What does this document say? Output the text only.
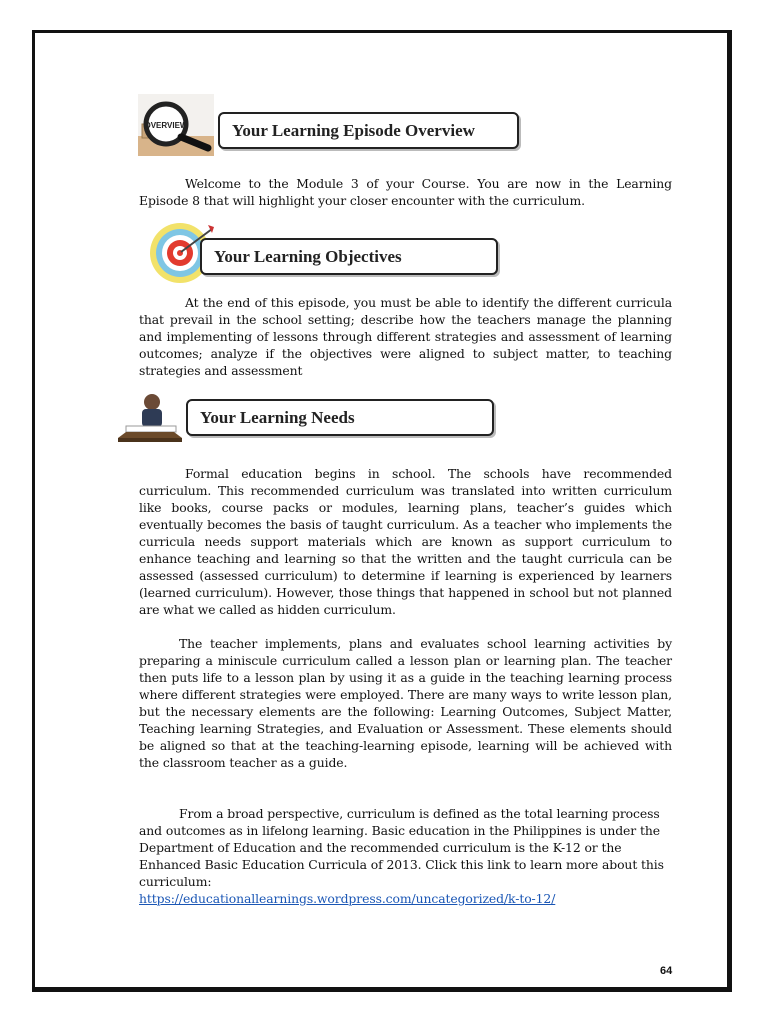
OVERVIEW	Your Learning Episode Overview

Welcome to the Module 3 of your Course. You are now in the Learning Episode 8 that will highlight your closer encounter with the curriculum.

Your Learning Objectives

At the end of this episode, you must be able to identify the different curricula that prevail in the school setting; describe how the teachers manage the planning and implementing of lessons through different strategies and assessment of learning outcomes; analyze if the objectives were aligned to subject matter, to teaching strategies and assessment

Your Learning Needs

Formal education begins in school. The schools have recommended curriculum. This recommended curriculum was translated into written curriculum like books, course packs or modules, learning plans, teacher’s guides which eventually becomes the basis of taught curriculum. As a teacher who implements the curricula needs support materials which are known as support curriculum to enhance teaching and learning so that the written and the taught curricula can be assessed (assessed curriculum) to determine if learning is experienced by learners (learned curriculum). However, those things that happened in school but not planned are what we called as hidden curriculum.

The teacher implements, plans and evaluates school learning activities by preparing a miniscule curriculum called a lesson plan or learning plan. The teacher then puts life to a lesson plan by using it as a guide in the teaching learning process where different strategies were employed. There are many ways to write lesson plan, but the necessary elements are the following: Learning Outcomes, Subject Matter, Teaching learning Strategies, and Evaluation or Assessment. These elements should be aligned so that at the teaching-learning episode, learning will be achieved with the classroom teacher as a guide.

From a broad perspective, curriculum is defined as the total learning process and outcomes as in lifelong learning. Basic education in the Philippines is under the Department of Education and the recommended curriculum is the K-12 or the Enhanced Basic Education Curricula of 2013. Click this link to learn more about this curriculum:
https://educationallearnings.wordpress.com/uncategorized/k-to-12/
64
